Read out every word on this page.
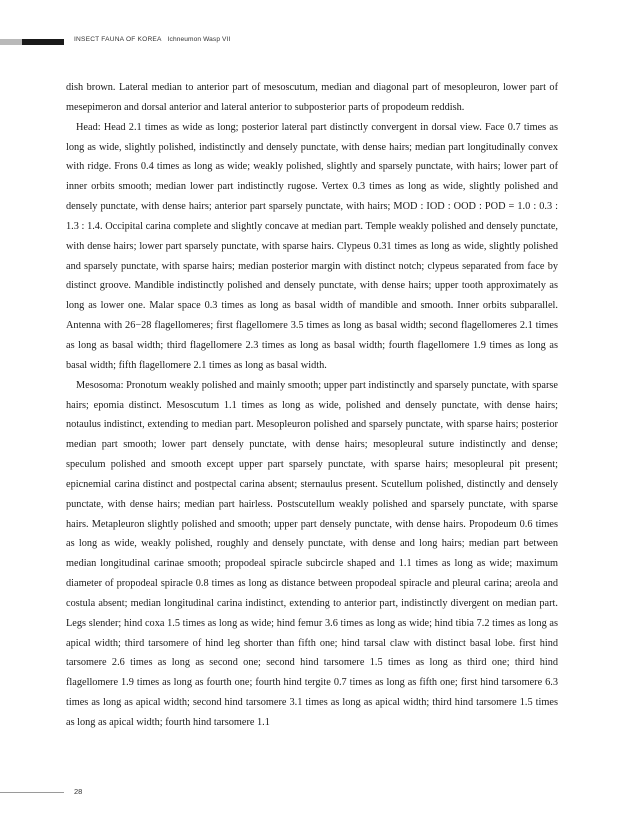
INSECT FAUNA OF KOREA Ichneumon Wasp VII

dish brown. Lateral median to anterior part of mesoscutum, median and diagonal part of mesopleuron, lower part of mesepimeron and dorsal anterior and lateral anterior to subposterior parts of propodeum reddish.

Head: Head 2.1 times as wide as long; posterior lateral part distinctly convergent in dorsal view. Face 0.7 times as long as wide, slightly polished, indistinctly and densely punctate, with dense hairs; median part longitudinally convex with ridge. Frons 0.4 times as long as wide; weakly polished, slightly and sparsely punctate, with hairs; lower part of inner orbits smooth; median lower part indistinctly rugose. Vertex 0.3 times as long as wide, slightly polished and densely punctate, with dense hairs; anterior part sparsely punctate, with hairs; MOD : IOD : OOD : POD = 1.0 : 0.3 : 1.3 : 1.4. Occipital carina complete and slightly concave at median part. Temple weakly polished and densely punctate, with dense hairs; lower part sparsely punctate, with sparse hairs. Clypeus 0.31 times as long as wide, slightly polished and sparsely punctate, with sparse hairs; median posterior margin with distinct notch; clypeus separated from face by distinct groove. Mandible indistinctly polished and densely punctate, with dense hairs; upper tooth approximately as long as lower one. Malar space 0.3 times as long as basal width of mandible and smooth. Inner orbits subparallel. Antenna with 26−28 flagellomeres; first flagellomere 3.5 times as long as basal width; second flagellomeres 2.1 times as long as basal width; third flagellomere 2.3 times as long as basal width; fourth flagellomere 1.9 times as long as basal width; fifth flagellomere 2.1 times as long as basal width.

Mesosoma: Pronotum weakly polished and mainly smooth; upper part indistinctly and sparsely punctate, with sparse hairs; epomia distinct. Mesoscutum 1.1 times as long as wide, polished and densely punctate, with dense hairs; notaulus indistinct, extending to median part. Mesopleuron polished and sparsely punctate, with sparse hairs; posterior median part smooth; lower part densely punctate, with dense hairs; mesopleural suture indistinctly and dense; speculum polished and smooth except upper part sparsely punctate, with sparse hairs; mesopleural pit present; epicnemial carina distinct and postpectal carina absent; sternaulus present. Scutellum polished, distinctly and densely punctate, with dense hairs; median part hairless. Postscutellum weakly polished and sparsely punctate, with sparse hairs. Metapleuron slightly polished and smooth; upper part densely punctate, with dense hairs. Propodeum 0.6 times as long as wide, weakly polished, roughly and densely punctate, with dense and long hairs; median part between median longitudinal carinae smooth; propodeal spiracle subcircle shaped and 1.1 times as long as wide; maximum diameter of propodeal spiracle 0.8 times as long as distance between propodeal spiracle and pleural carina; areola and costula absent; median longitudinal carina indistinct, extending to anterior part, indistinctly divergent on median part. Legs slender; hind coxa 1.5 times as long as wide; hind femur 3.6 times as long as wide; hind tibia 7.2 times as long as apical width; third tarsomere of hind leg shorter than fifth one; hind tarsal claw with distinct basal lobe. first hind tarsomere 2.6 times as long as second one; second hind tarsomere 1.5 times as long as third one; third hind flagellomere 1.9 times as long as fourth one; fourth hind tergite 0.7 times as long as fifth one; first hind tarsomere 6.3 times as long as apical width; second hind tarsomere 3.1 times as long as apical width; third hind tarsomere 1.5 times as long as apical width; fourth hind tarsomere 1.1

28
